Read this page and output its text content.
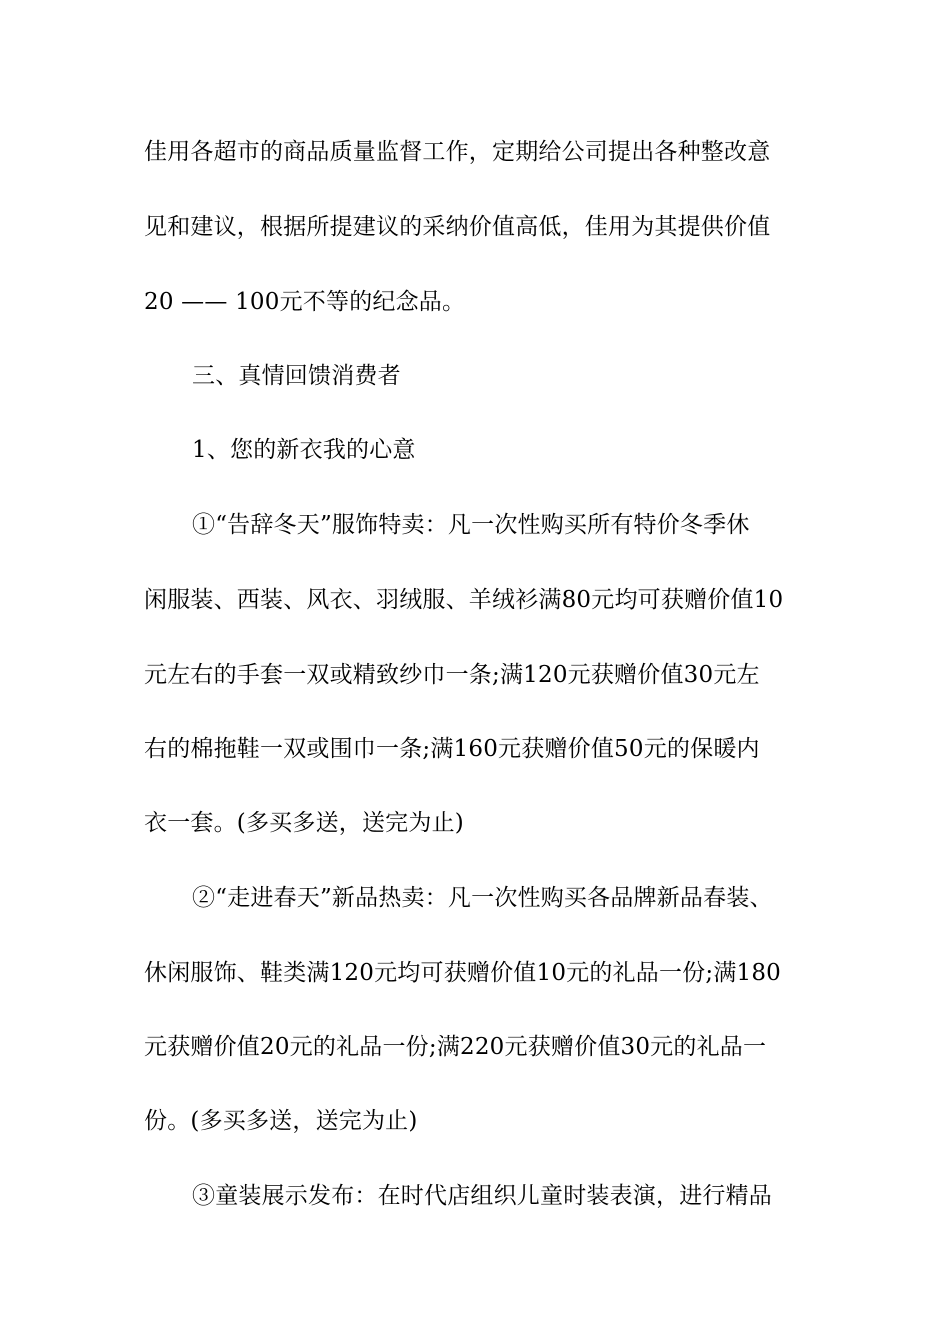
佳用各超市的商品质量监督工作，定期给公司提出各种整改意
见和建议，根据所提建议的采纳价值高低，佳用为其提供价值
20 —— 100元不等的纪念品。
三、真情回馈消费者
1、您的新衣我的心意
①“告辞冬天”服饰特卖：凡一次性购买所有特价冬季休
闲服装、西装、风衣、羽绒服、羊绒衫满80元均可获赠价值10
元左右的手套一双或精致纱巾一条;满120元获赠价值30元左
右的棉拖鞋一双或围巾一条;满160元获赠价值50元的保暖内
衣一套。(多买多送，送完为止)
②“走进春天”新品热卖：凡一次性购买各品牌新品春装、
休闲服饰、鞋类满120元均可获赠价值10元的礼品一份;满180
元获赠价值20元的礼品一份;满220元获赠价值30元的礼品一
份。(多买多送，送完为止)
③童装展示发布：在时代店组织儿童时装表演，进行精品
